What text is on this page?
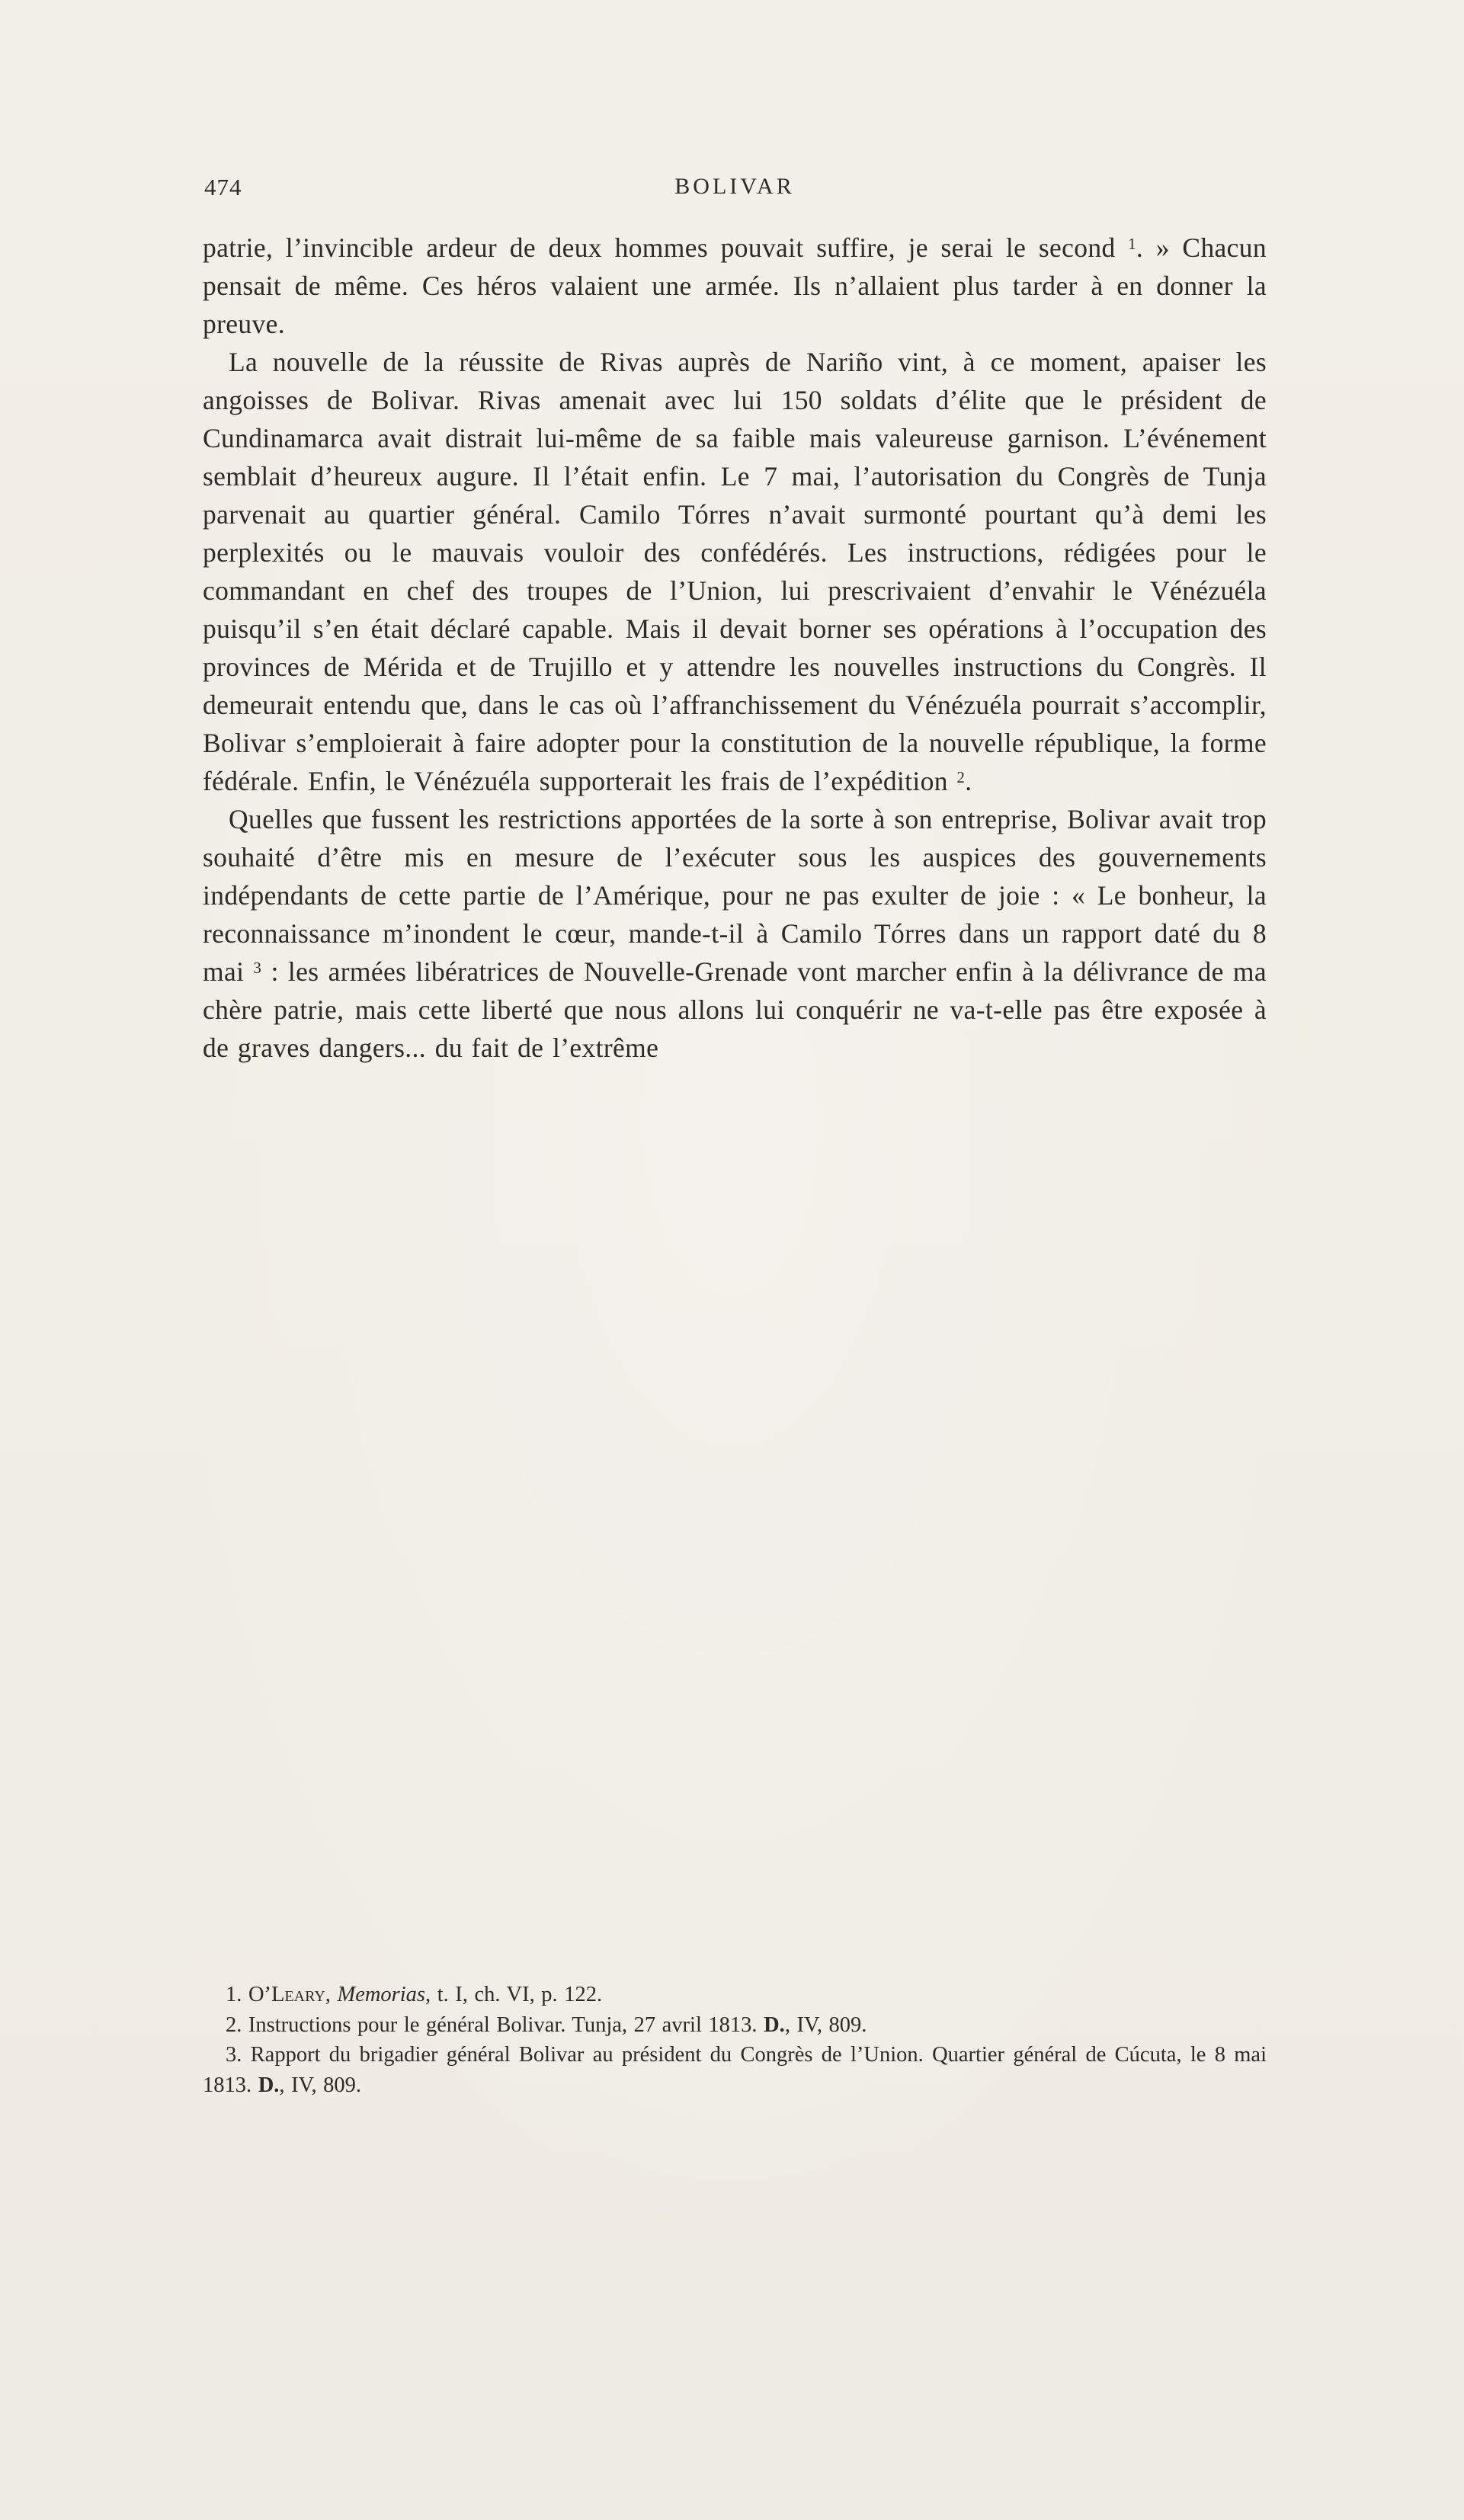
474	BOLIVAR

patrie, l’invincible ardeur de deux hommes pouvait suffire, je serai le second $^1$. » Chacun pensait de même. Ces héros valaient une armée. Ils n’allaient plus tarder à en donner la preuve.

La nouvelle de la réussite de Rivas auprès de Nariño vint, à ce moment, apaiser les angoisses de Bolivar. Rivas amenait avec lui 150 soldats d’élite que le président de Cundinamarca avait distrait lui-même de sa faible mais valeureuse garnison. L’événement semblait d’heureux augure. Il l’était enfin. Le 7 mai, l’autorisation du Congrès de Tunja parvenait au quartier général. Camilo Tórres n’avait surmonté pourtant qu’à demi les perplexités ou le mauvais vouloir des confédérés. Les instructions, rédigées pour le commandant en chef des troupes de l’Union, lui prescrivaient d’envahir le Vénézuéla puisqu’il s’en était déclaré capable. Mais il devait borner ses opérations à l’occupation des provinces de Mérida et de Trujillo et y attendre les nouvelles instructions du Congrès. Il demeurait entendu que, dans le cas où l’affranchissement du Vénézuéla pourrait s’accomplir, Bolivar s’emploierait à faire adopter pour la constitution de la nouvelle république, la forme fédérale. Enfin, le Vénézuéla supporterait les frais de l’expédition $^2$.

Quelles que fussent les restrictions apportées de la sorte à son entreprise, Bolivar avait trop souhaité d’être mis en mesure de l’exécuter sous les auspices des gouvernements indépendants de cette partie de l’Amérique, pour ne pas exulter de joie : « Le bonheur, la reconnaissance m’inondent le cœur, mande-t-il à Camilo Tórres dans un rapport daté du 8 mai $^3$ : les armées libératrices de Nouvelle-Grenade vont marcher enfin à la délivrance de ma chère patrie, mais cette liberté que nous allons lui conquérir ne va-t-elle pas être exposée à de graves dangers... du fait de l’extrême

1. O’Leary, Memorias, t. I, ch. VI, p. 122.

2. Instructions pour le général Bolivar. Tunja, 27 avril 1813. D., IV, 809.

3. Rapport du brigadier général Bolivar au président du Congrès de l’Union. Quartier général de Cúcuta, le 8 mai 1813. D., IV, 809.
